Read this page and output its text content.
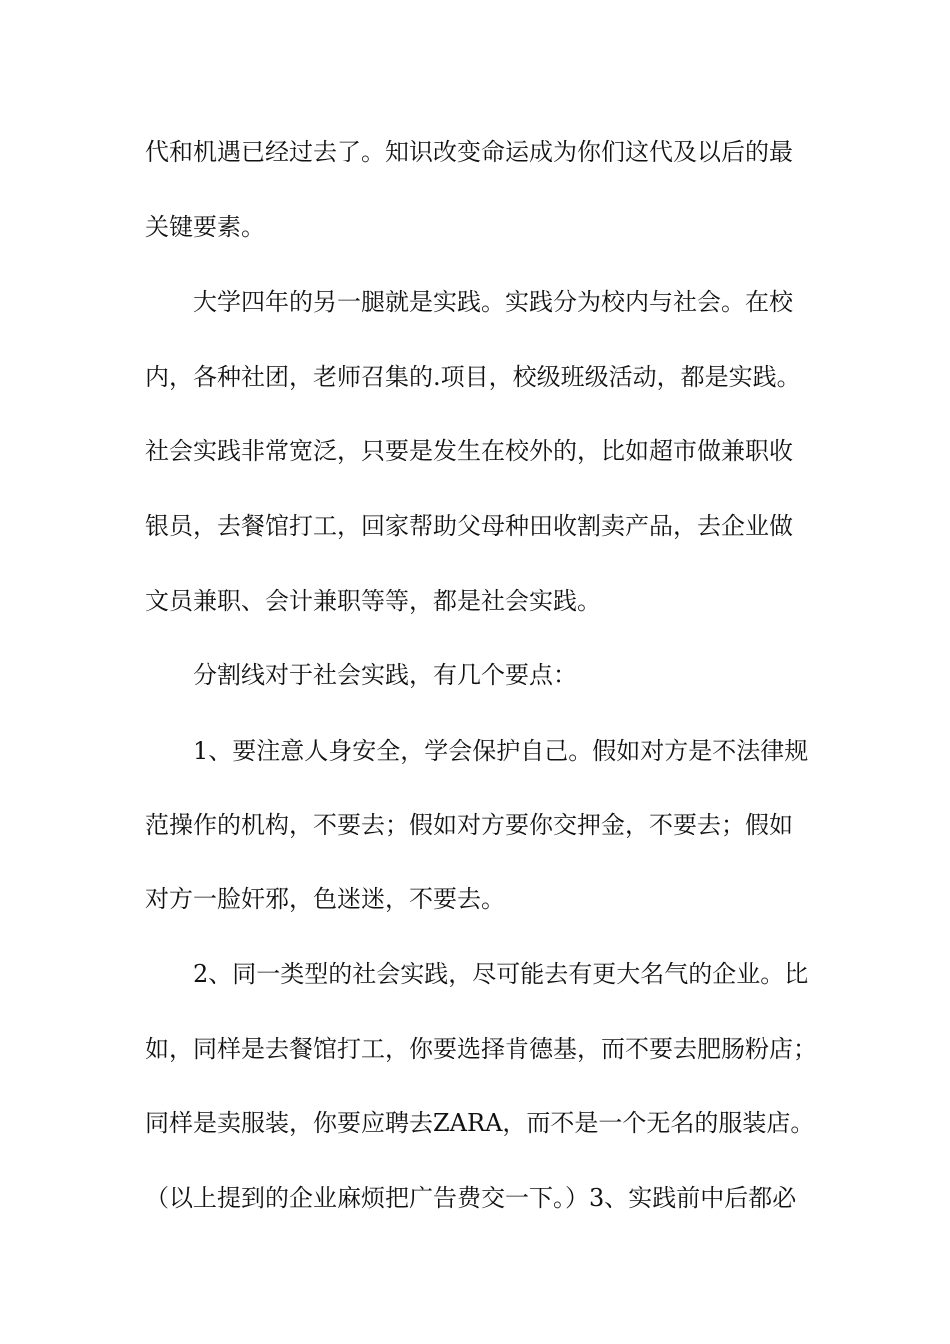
代和机遇已经过去了。知识改变命运成为你们这代及以后的最

关键要素。

大学四年的另一腿就是实践。实践分为校内与社会。在校

内，各种社团，老师召集的.项目，校级班级活动，都是实践。

社会实践非常宽泛，只要是发生在校外的，比如超市做兼职收

银员，去餐馆打工，回家帮助父母种田收割卖产品，去企业做

文员兼职、会计兼职等等，都是社会实践。

分割线对于社会实践，有几个要点：

1、要注意人身安全，学会保护自己。假如对方是不法律规

范操作的机构，不要去；假如对方要你交押金，不要去；假如

对方一脸奸邪，色迷迷，不要去。

2、同一类型的社会实践，尽可能去有更大名气的企业。比

如，同样是去餐馆打工，你要选择肯德基，而不要去肥肠粉店；

同样是卖服装，你要应聘去ZARA，而不是一个无名的服装店。

（以上提到的企业麻烦把广告费交一下。）3、实践前中后都必
